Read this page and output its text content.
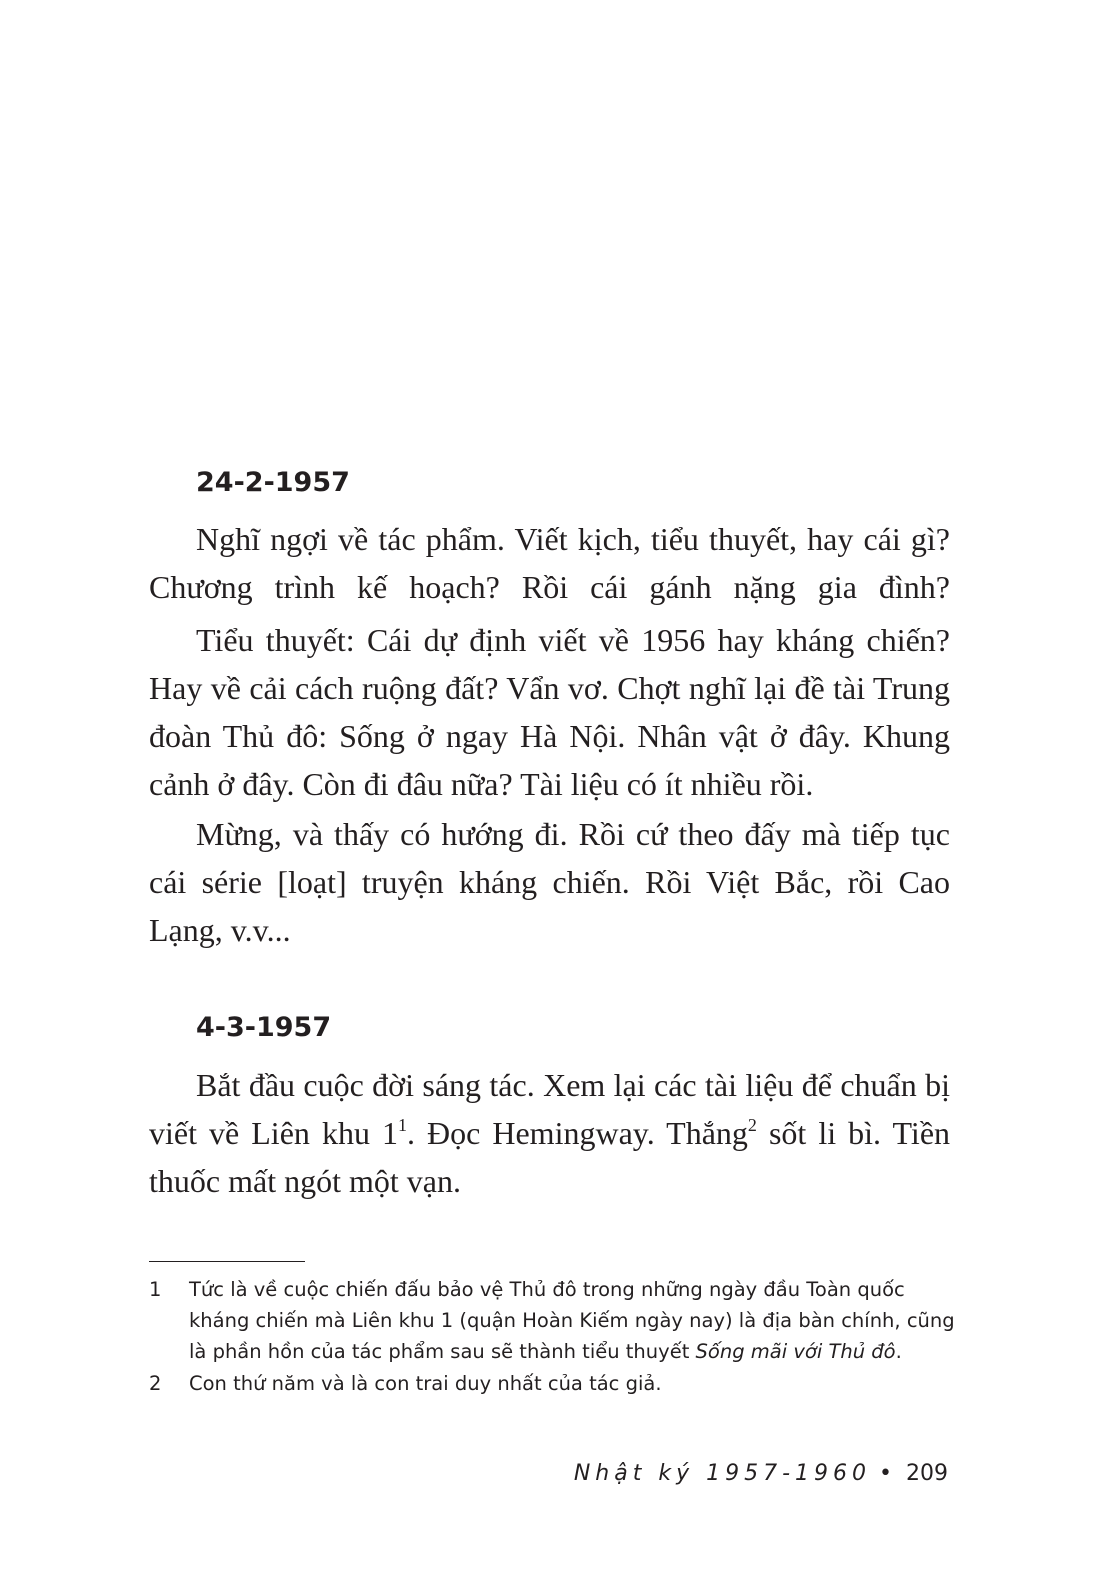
24-2-1957

Nghĩ ngợi về tác phẩm. Viết kịch, tiểu thuyết, hay cái gì? Chương trình kế hoạch? Rồi cái gánh nặng gia đình?

Tiểu thuyết: Cái dự định viết về 1956 hay kháng chiến? Hay về cải cách ruộng đất? Vẩn vơ. Chợt nghĩ lại đề tài Trung đoàn Thủ đô: Sống ở ngay Hà Nội. Nhân vật ở đây. Khung cảnh ở đây. Còn đi đâu nữa? Tài liệu có ít nhiều rồi.

Mừng, và thấy có hướng đi. Rồi cứ theo đấy mà tiếp tục cái série [loạt] truyện kháng chiến. Rồi Việt Bắc, rồi Cao Lạng, v.v...

4-3-1957

Bắt đầu cuộc đời sáng tác. Xem lại các tài liệu để chuẩn bị viết về Liên khu 1$^1$. Đọc Hemingway. Thắng$^2$ sốt li bì. Tiền thuốc mất ngót một vạn.

1 Tức là về cuộc chiến đấu bảo vệ Thủ đô trong những ngày đầu Toàn quốc kháng chiến mà Liên khu 1 (quận Hoàn Kiếm ngày nay) là địa bàn chính, cũng là phần hồn của tác phẩm sau sẽ thành tiểu thuyết Sống mãi với Thủ đô.
2 Con thứ năm và là con trai duy nhất của tác giả.
Nhật ký 1957-1960 • 209
